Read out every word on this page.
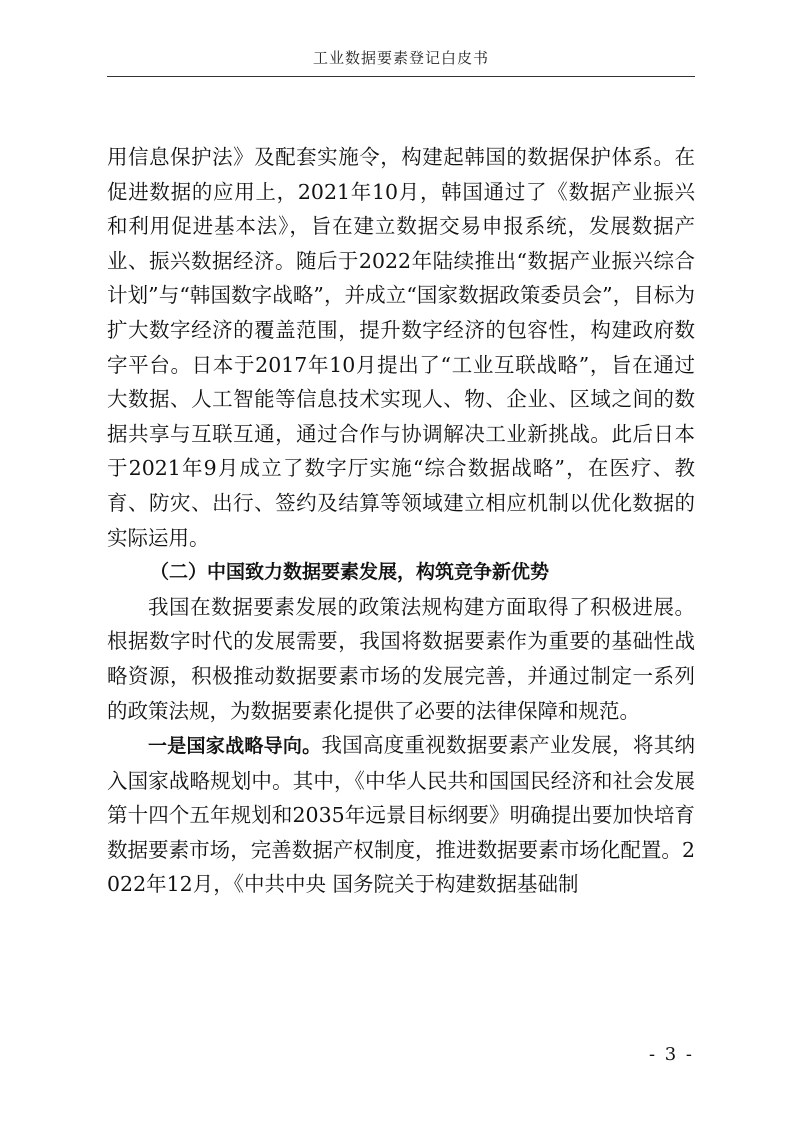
工业数据要素登记白皮书

用信息保护法》及配套实施令，构建起韩国的数据保护体系。在促进数据的应用上，2021年10月，韩国通过了《数据产业振兴和利用促进基本法》，旨在建立数据交易申报系统，发展数据产业、振兴数据经济。随后于2022年陆续推出“数据产业振兴综合计划”与“韩国数字战略”，并成立“国家数据政策委员会”，目标为扩大数字经济的覆盖范围，提升数字经济的包容性，构建政府数字平台。日本于2017年10月提出了“工业互联战略”，旨在通过大数据、人工智能等信息技术实现人、物、企业、区域之间的数据共享与互联互通，通过合作与协调解决工业新挑战。此后日本于2021年9月成立了数字厅实施“综合数据战略”，在医疗、教育、防灾、出行、签约及结算等领域建立相应机制以优化数据的实际运用。

（二）中国致力数据要素发展，构筑竞争新优势

我国在数据要素发展的政策法规构建方面取得了积极进展。根据数字时代的发展需要，我国将数据要素作为重要的基础性战略资源，积极推动数据要素市场的发展完善，并通过制定一系列的政策法规，为数据要素化提供了必要的法律保障和规范。

一是国家战略导向。我国高度重视数据要素产业发展，将其纳入国家战略规划中。其中，《中华人民共和国国民经济和社会发展第十四个五年规划和2035年远景目标纲要》明确提出要加快培育数据要素市场，完善数据产权制度，推进数据要素市场化配置。2022年12月，《中共中央 国务院关于构建数据基础制

- 3 -
